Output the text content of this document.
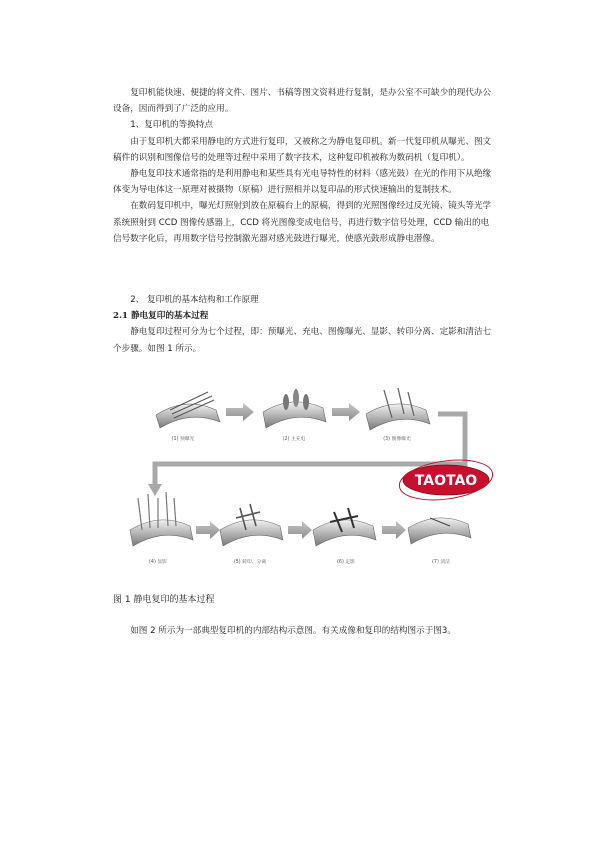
复印机能快速、便捷的将文件、图片、书稿等图文资料进行复制，是办公室不可缺少的现代办公设备，因而得到了广泛的应用。

1、复印机的等换特点

由于复印机大都采用静电的方式进行复印，又被称之为静电复印机。新一代复印机从曝光、图文稿件的识别和图像信号的处理等过程中采用了数字技术，这种复印机被称为数码机（复印机）。

静电复印技术通常指的是利用静电和某些具有光电导特性的材料（感光鼓）在光的作用下从绝缘体变为导电体这一原理对被摄物（原稿）进行照相并以复印品的形式快速输出的复制技术。

在数码复印机中，曝光灯照射到放在原稿台上的原稿，得到的光照图像经过反光镜、镜头等光学系统照射到 CCD 图像传感器上，CCD 将光图像变成电信号，再进行数字信号处理，CCD 输出的电信号数字化后，再用数字信号控制激光器对感光鼓进行曝光，使感光鼓形成静电潜像。

2、 复印机的基本结构和工作原理

2.1 静电复印的基本过程

静电复印过程可分为七个过程，即：预曝光、充电、图像曝光、显影、转印分离、定影和清洁七个步骤。如图 1 所示。

(1) 预曝光	(2) 主充电	(3) 图像曝光
TAOTAO
(4) 显影	(5) 转印、分离	(6) 定影	(7) 清洁
图 1 静电复印的基本过程

如图 2 所示为一部典型复印机的内部结构示意图。有关成像和复印的结构图示于图3。
